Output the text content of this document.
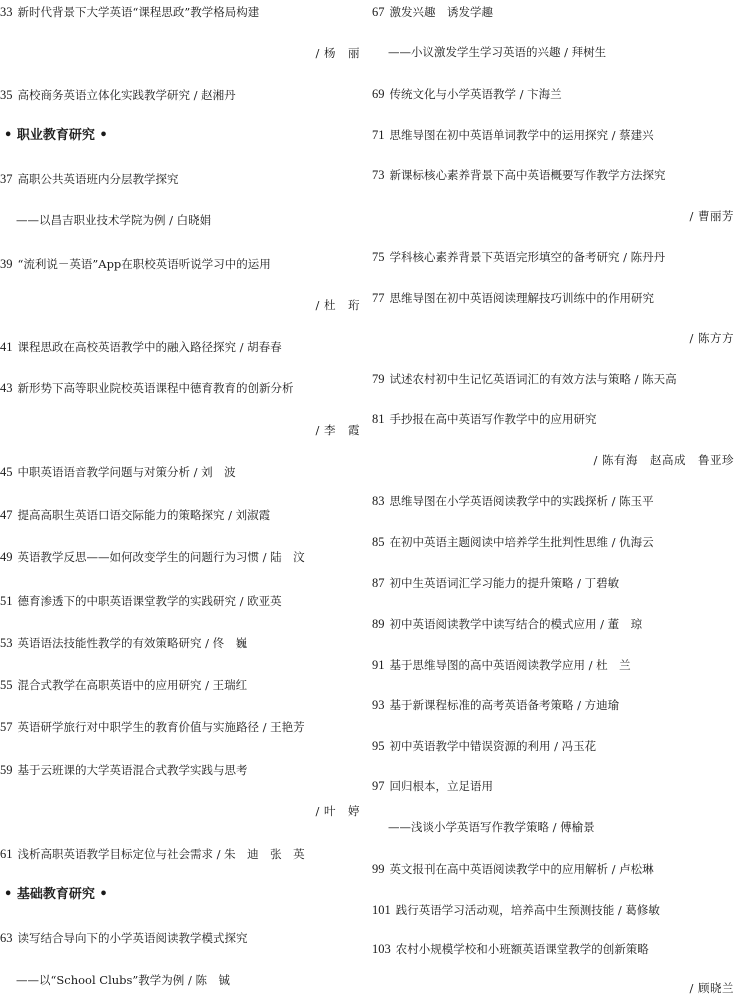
33 新时代背景下大学英语“课程思政”教学格局构建
/ 杨　丽
35 高校商务英语立体化实践教学研究 / 赵湘丹
• 职业教育研究 •
37 高职公共英语班内分层教学探究
——以昌吉职业技术学院为例 / 白晓娟
39 “流利说－英语”App在职校英语听说学习中的运用
/ 杜　珩
41 课程思政在高校英语教学中的融入路径探究 / 胡春春
43 新形势下高等职业院校英语课程中德育教育的创新分析
/ 李　霞
45 中职英语语音教学问题与对策分析 / 刘　波
47 提高高职生英语口语交际能力的策略探究 / 刘淑霞
49 英语教学反思——如何改变学生的问题行为习惯 / 陆　汶
51 德育渗透下的中职英语课堂教学的实践研究 / 欧亚英
53 英语语法技能性教学的有效策略研究 / 佟　巍
55 混合式教学在高职英语中的应用研究 / 王瑞红
57 英语研学旅行对中职学生的教育价值与实施路径 / 王艳芳
59 基于云班课的大学英语混合式教学实践与思考
/ 叶　婷
61 浅析高职英语教学目标定位与社会需求 / 朱　迪　张　英
• 基础教育研究 •
63 读写结合导向下的小学英语阅读教学模式探究
——以“School Clubs”教学为例 / 陈　铖
67 激发兴趣　诱发学趣
——小议激发学生学习英语的兴趣 / 拜树生
69 传统文化与小学英语教学 / 卞海兰
71 思维导图在初中英语单词教学中的运用探究 / 蔡建兴
73 新课标核心素养背景下高中英语概要写作教学方法探究
/ 曹丽芳
75 学科核心素养背景下英语完形填空的备考研究 / 陈丹丹
77 思维导图在初中英语阅读理解技巧训练中的作用研究
/ 陈方方
79 试述农村初中生记忆英语词汇的有效方法与策略 / 陈天高
81 手抄报在高中英语写作教学中的应用研究
/ 陈有海　赵高成　鲁亚珍
83 思维导图在小学英语阅读教学中的实践探析 / 陈玉平
85 在初中英语主题阅读中培养学生批判性思维 / 仇海云
87 初中生英语词汇学习能力的提升策略 / 丁碧敏
89 初中英语阅读教学中读写结合的模式应用 / 董　琼
91 基于思维导图的高中英语阅读教学应用 / 杜　兰
93 基于新课程标准的高考英语备考策略 / 方迪瑜
95 初中英语教学中错误资源的利用 / 冯玉花
97 回归根本，立足语用
——浅谈小学英语写作教学策略 / 傅榆景
99 英文报刊在高中英语阅读教学中的应用解析 / 卢松琳
101 践行英语学习活动观，培养高中生预测技能 / 葛修敏
103 农村小规模学校和小班额英语课堂教学的创新策略
/ 顾晓兰
